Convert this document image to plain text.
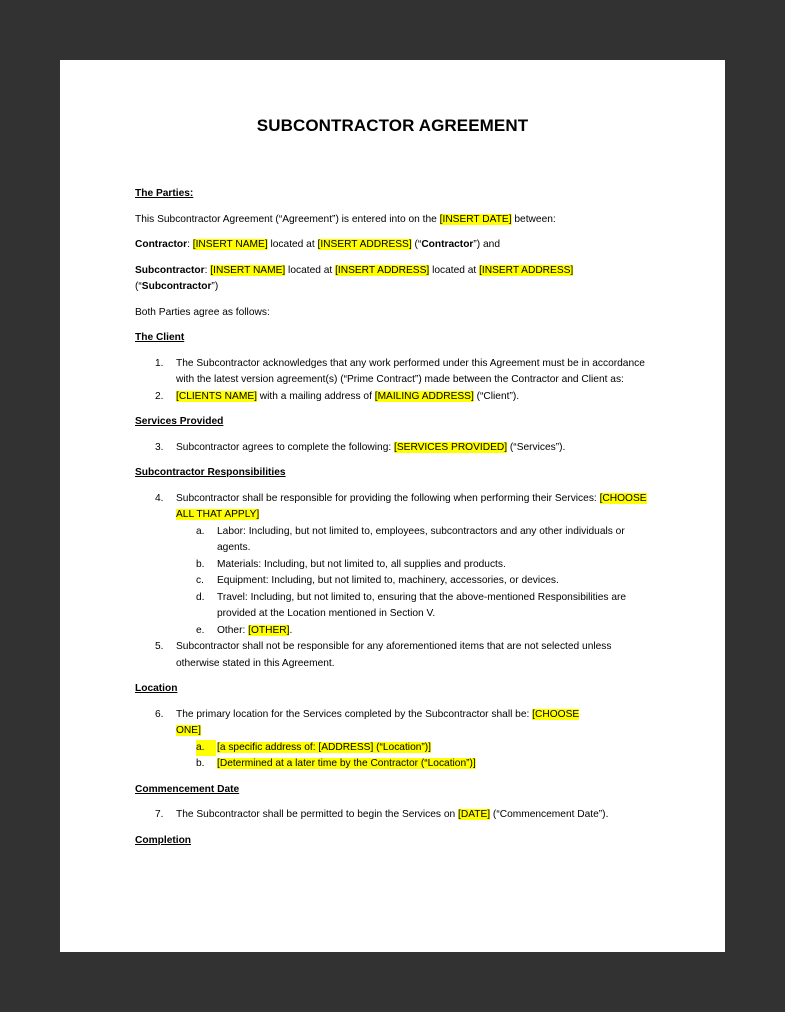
SUBCONTRACTOR AGREEMENT

The Parties:

This Subcontractor Agreement (“Agreement”) is entered into on the [INSERT DATE] between:

Contractor: [INSERT NAME] located at [INSERT ADDRESS] (“Contractor”) and

Subcontractor: [INSERT NAME] located at [INSERT ADDRESS] located at [INSERT ADDRESS]
(“Subcontractor”)

Both Parties agree as follows:

The Client

1.	The Subcontractor acknowledges that any work performed under this Agreement must be in accordance with the latest version agreement(s) (“Prime Contract”) made between the Contractor and Client as:
2.	[CLIENTS NAME] with a mailing address of [MAILING ADDRESS] (“Client”).

Services Provided

3.	Subcontractor agrees to complete the following: [SERVICES PROVIDED] (“Services”).

Subcontractor Responsibilities

4.	Subcontractor shall be responsible for providing the following when performing their Services: [CHOOSE ALL THAT APPLY]
a.	Labor: Including, but not limited to, employees, subcontractors and any other individuals or agents.
b.	Materials: Including, but not limited to, all supplies and products.
c.	Equipment: Including, but not limited to, machinery, accessories, or devices.
d.	Travel: Including, but not limited to, ensuring that the above-mentioned Responsibilities are provided at the Location mentioned in Section V.
e.	Other: [OTHER].
5.	Subcontractor shall not be responsible for any aforementioned items that are not selected unless otherwise stated in this Agreement.

Location

6.	The primary location for the Services completed by the Subcontractor shall be: [CHOOSE
ONE]
a.	[a specific address of: [ADDRESS] (“Location”)]
b.	[Determined at a later time by the Contractor (“Location”)]

Commencement Date

7.	The Subcontractor shall be permitted to begin the Services on [DATE] (“Commencement Date”).

Completion
